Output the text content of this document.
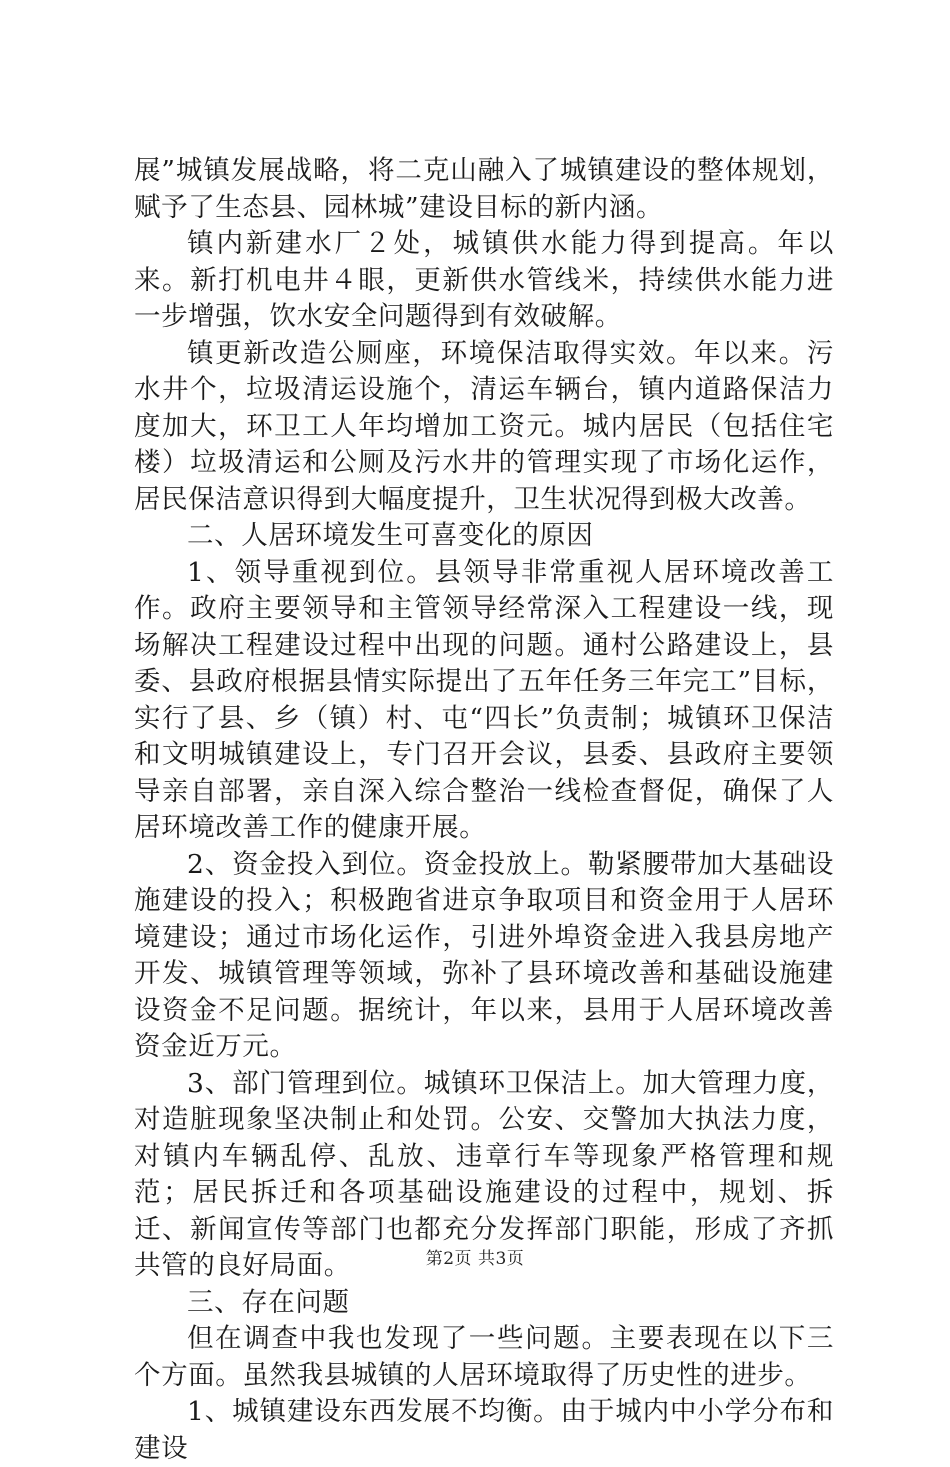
展”城镇发展战略，将二克山融入了城镇建设的整体规划，赋予了生态县、园林城”建设目标的新内涵。

镇内新建水厂２处，城镇供水能力得到提高。年以来。新打机电井４眼，更新供水管线米，持续供水能力进一步增强，饮水安全问题得到有效破解。

镇更新改造公厕座，环境保洁取得实效。年以来。污水井个，垃圾清运设施个，清运车辆台，镇内道路保洁力度加大，环卫工人年均增加工资元。城内居民（包括住宅楼）垃圾清运和公厕及污水井的管理实现了市场化运作，居民保洁意识得到大幅度提升，卫生状况得到极大改善。

二、人居环境发生可喜变化的原因

1、领导重视到位。县领导非常重视人居环境改善工作。政府主要领导和主管领导经常深入工程建设一线，现场解决工程建设过程中出现的问题。通村公路建设上，县委、县政府根据县情实际提出了五年任务三年完工”目标，实行了县、乡（镇）村、屯“四长”负责制；城镇环卫保洁和文明城镇建设上，专门召开会议，县委、县政府主要领导亲自部署，亲自深入综合整治一线检查督促，确保了人居环境改善工作的健康开展。

2、资金投入到位。资金投放上。勒紧腰带加大基础设施建设的投入；积极跑省进京争取项目和资金用于人居环境建设；通过市场化运作，引进外埠资金进入我县房地产开发、城镇管理等领域，弥补了县环境改善和基础设施建设资金不足问题。据统计，年以来，县用于人居环境改善资金近万元。

3、部门管理到位。城镇环卫保洁上。加大管理力度，对造脏现象坚决制止和处罚。公安、交警加大执法力度，对镇内车辆乱停、乱放、违章行车等现象严格管理和规范；居民拆迁和各项基础设施建设的过程中，规划、拆迁、新闻宣传等部门也都充分发挥部门职能，形成了齐抓共管的良好局面。

三、存在问题

但在调查中我也发现了一些问题。主要表现在以下三个方面。虽然我县城镇的人居环境取得了历史性的进步。

1、城镇建设东西发展不均衡。由于城内中小学分布和建设

第2页 共3页
